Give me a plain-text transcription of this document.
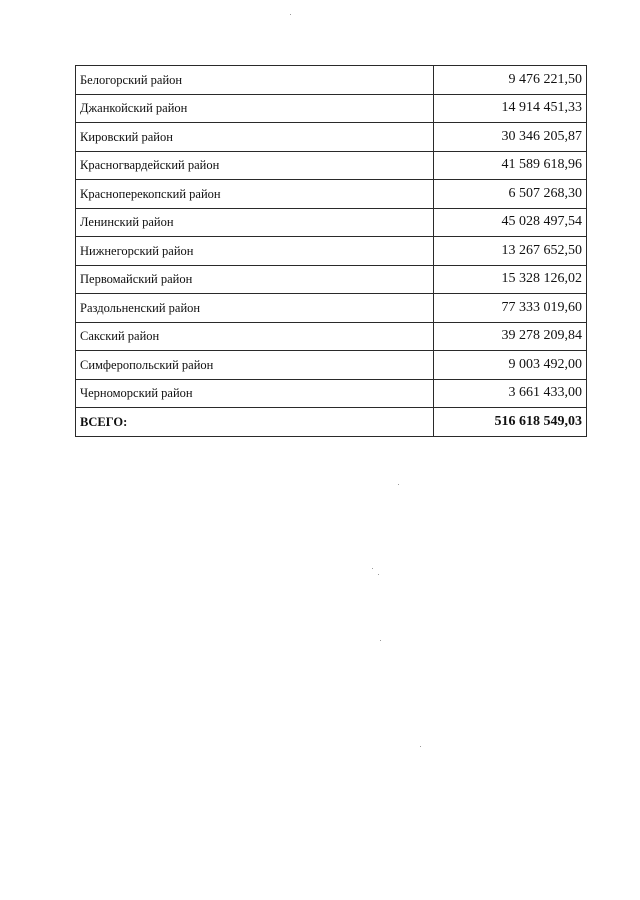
Белогорский район	9 476 221,50
Джанкойский район	14 914 451,33
Кировский район	30 346 205,87
Красногвардейский район	41 589 618,96
Красноперекопский район	6 507 268,30
Ленинский район	45 028 497,54
Нижнегорский район	13 267 652,50
Первомайский район	15 328 126,02
Раздольненский район	77 333 019,60
Сакский район	39 278 209,84
Симферопольский район	9 003 492,00
Черноморский район	3 661 433,00
ВСЕГО:	516 618 549,03
